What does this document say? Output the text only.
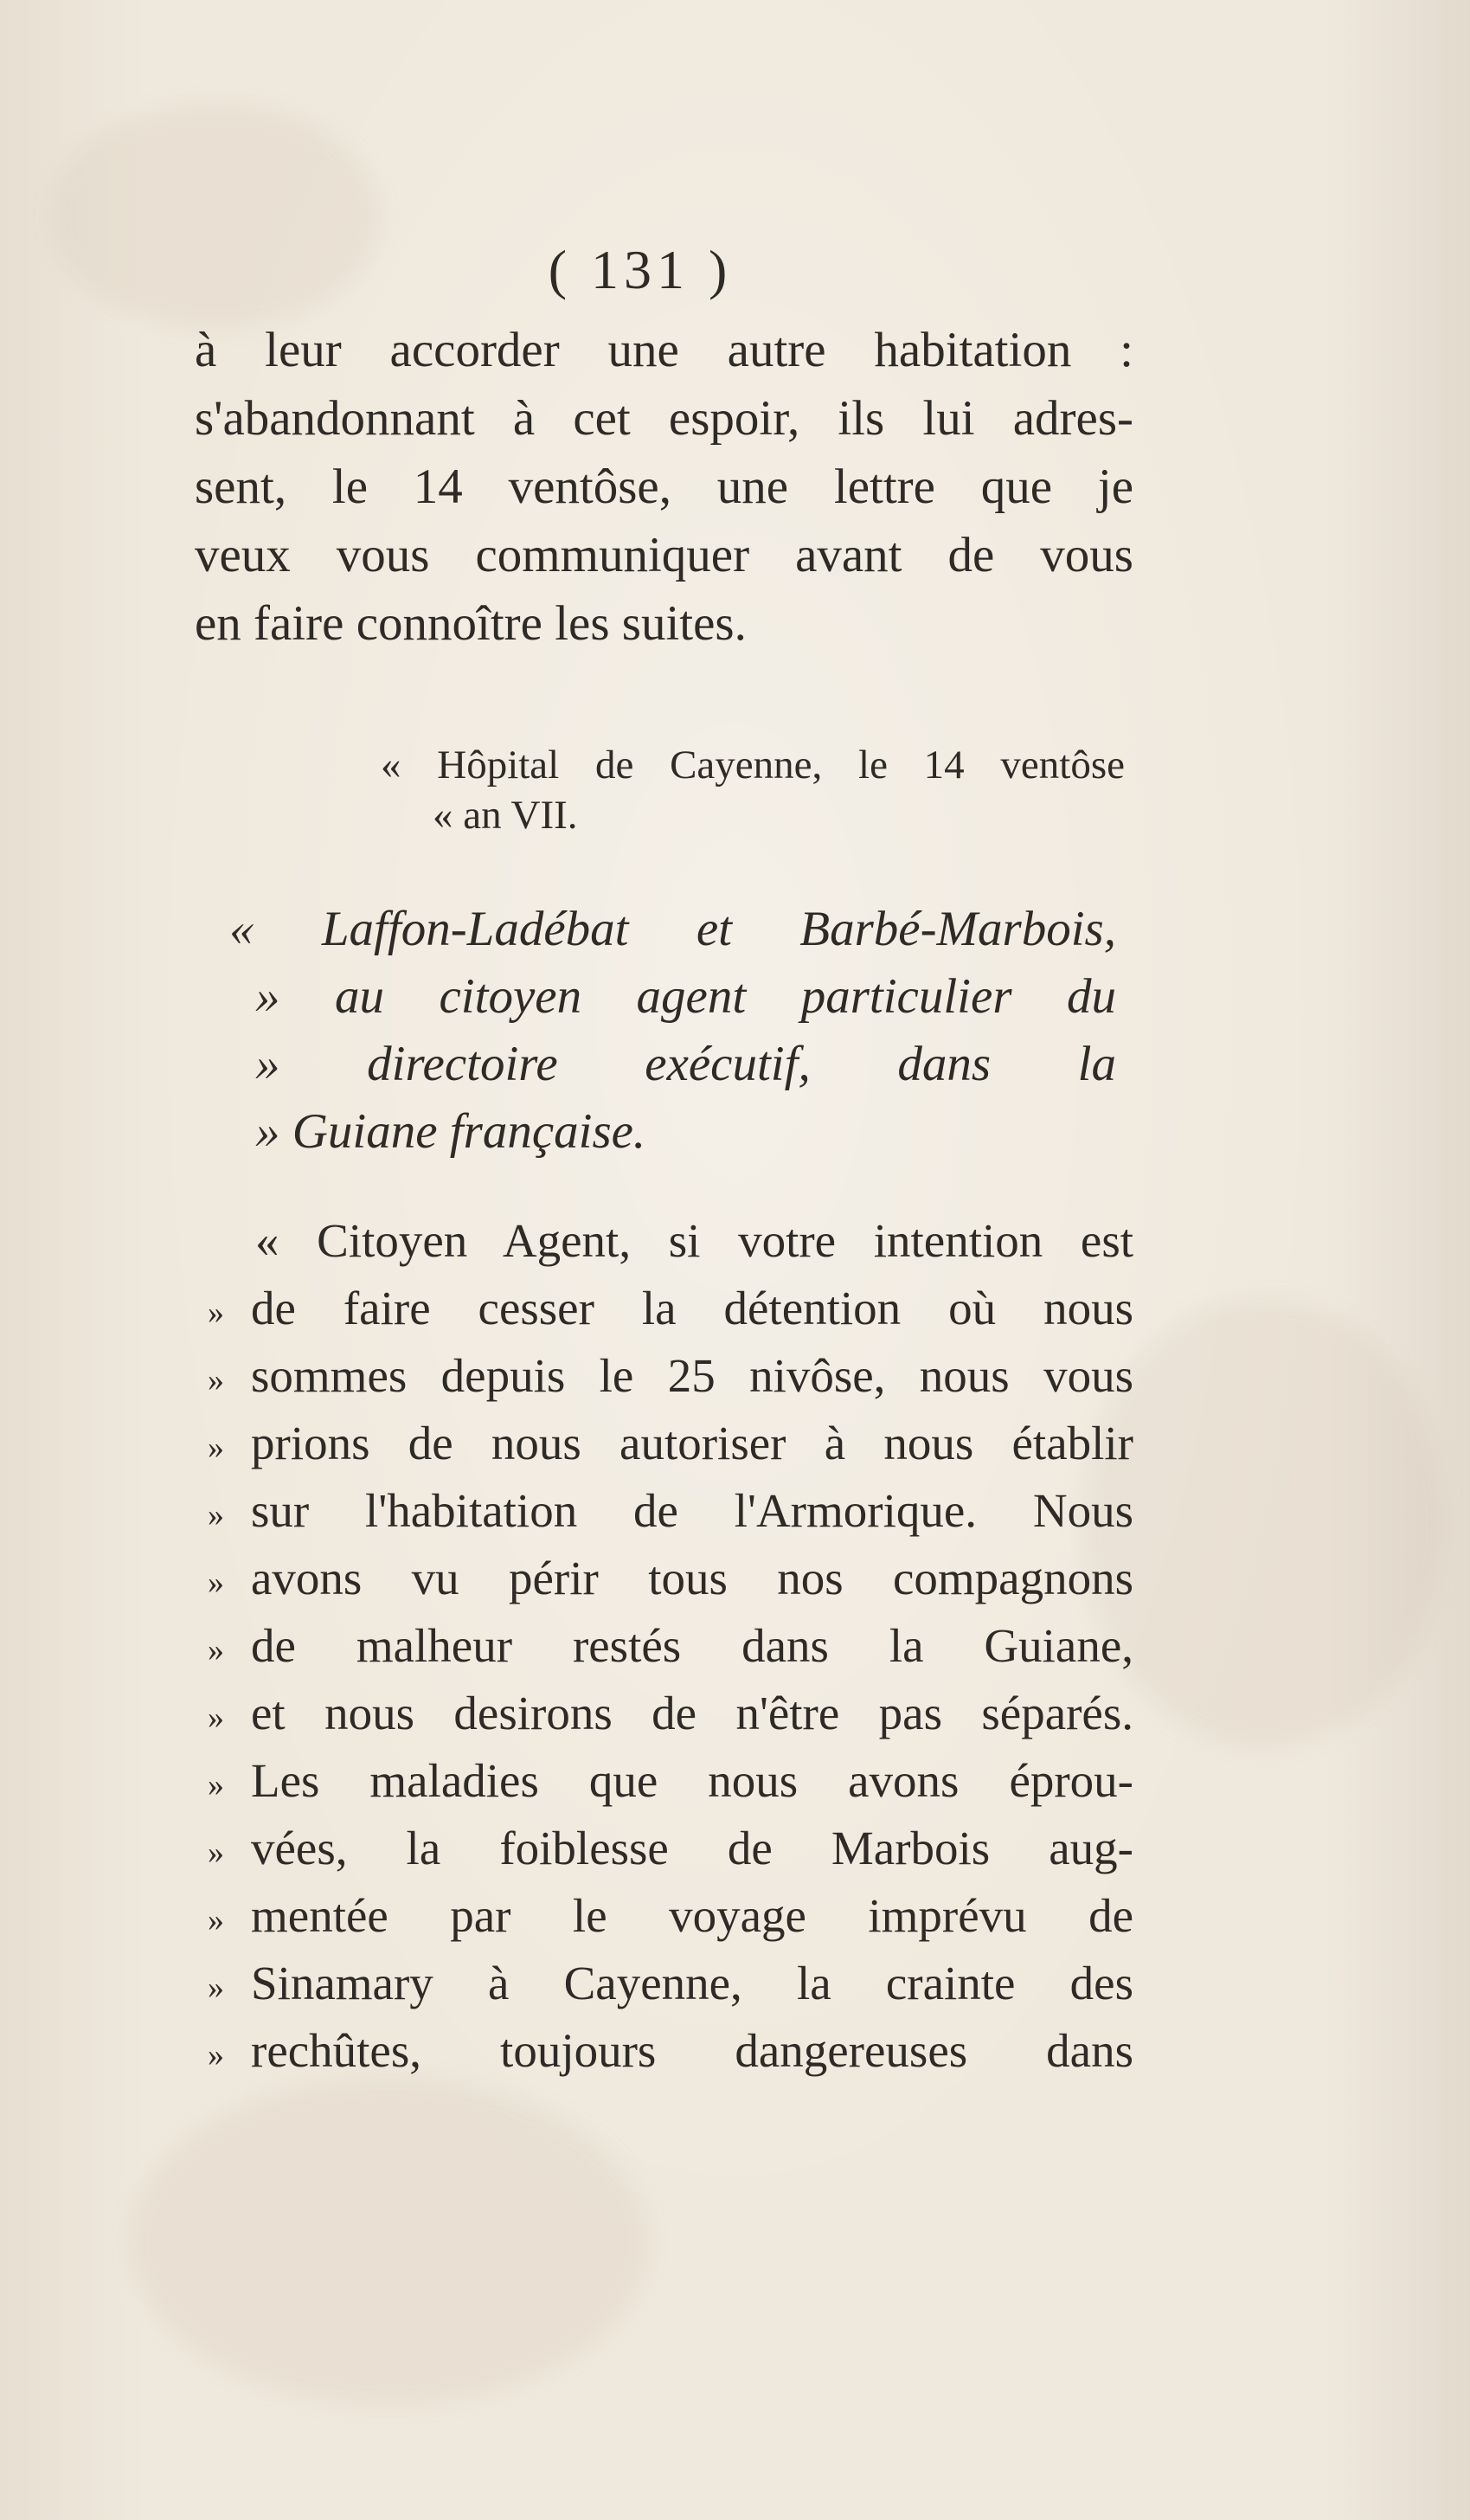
( 131 )
à leur accorder une autre habitation :
s'abandonnant à cet espoir, ils lui adres-
sent, le 14 ventôse, une lettre que je
veux vous communiquer avant de vous
en faire connoître les suites.
« Hôpital de Cayenne, le 14 ventôse
« an VII.
« Laffon-Ladébat et Barbé-Marbois,
» au citoyen agent particulier du
» directoire exécutif, dans la
» Guiane française.
« Citoyen Agent, si votre intention est
» de faire cesser la détention où nous
» sommes depuis le 25 nivôse, nous vous
» prions de nous autoriser à nous établir
» sur l'habitation de l'Armorique. Nous
» avons vu périr tous nos compagnons
» de malheur restés dans la Guiane,
» et nous desirons de n'être pas séparés.
» Les maladies que nous avons éprou-
» vées, la foiblesse de Marbois aug-
» mentée par le voyage imprévu de
» Sinamary à Cayenne, la crainte des
» rechûtes, toujours dangereuses dans
